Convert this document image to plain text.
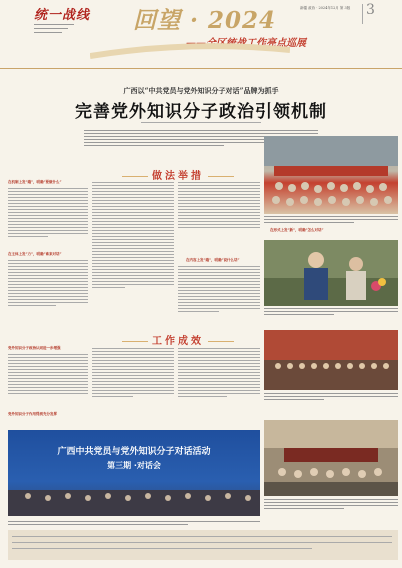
统一战线 回望 · 2024
——全区统战工作亮点巡展
新疆 政协 · 2024年12月 第 3版	3
广西以“中共党员与党外知识分子对话”品牌为抓手
完善党外知识分子政治引领机制
做法举措
在机制上发“端”，明确“要做什么”
在主体上发“力”，明确“谁来对话”
在内容上发“端”，明确“说什么话”
在形式上发“新”，明确“怎么对话”
工作成效
党外知识分子政治认同进一步增强
党外知识分子作用得到充分发挥
广西中共党员与党外知识分子对话活动
第三期 ·对话会
